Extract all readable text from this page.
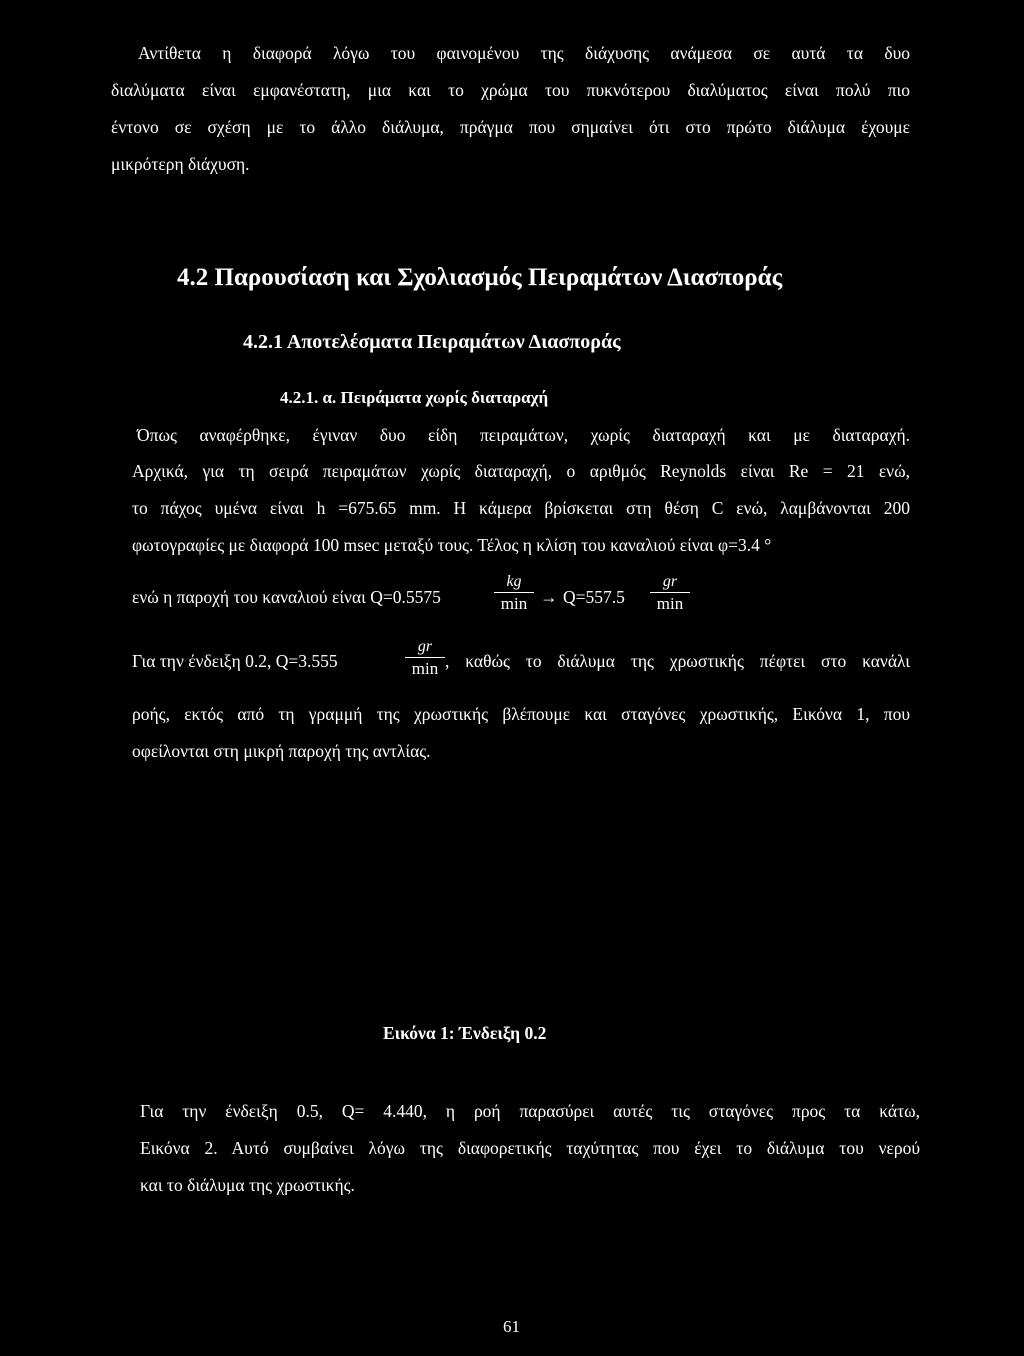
Αντίθετα η διαφορά λόγω του φαινομένου της διάχυσης ανάμεσα σε αυτά τα δυο
διαλύματα είναι εμφανέστατη, μια και το χρώμα του πυκνότερου διαλύματος είναι πολύ πιο
έντονο σε σχέση με το άλλο διάλυμα, πράγμα που σημαίνει ότι στο πρώτο διάλυμα έχουμε
μικρότερη διάχυση.
4.2 Παρουσίαση και Σχολιασμός Πειραμάτων Διασποράς
4.2.1 Αποτελέσματα Πειραμάτων Διασποράς
4.2.1. α. Πειράματα χωρίς διαταραχή
Όπως αναφέρθηκε, έγιναν δυο είδη πειραμάτων, χωρίς διαταραχή και με διαταραχή.
Αρχικά, για τη σειρά πειραμάτων χωρίς διαταραχή, ο αριθμός Reynolds είναι Re = 21 ενώ,
το πάχος υμένα είναι h =675.65 mm. Η κάμερα βρίσκεται στη θέση C ενώ, λαμβάνονται 200
φωτογραφίες με διαφορά 100 msec μεταξύ τους. Τέλος η κλίση του καναλιού είναι φ=3.4 °
ενώ η παροχή του καναλιού είναι Q=0.5575
kg
min → Q=557.5
gr
min
Για την ένδειξη 0.2, Q=3.555
gr
min , καθώς το διάλυμα της χρωστικής πέφτει στο κανάλι
ροής, εκτός από τη γραμμή της χρωστικής βλέπουμε και σταγόνες χρωστικής, Εικόνα 1, που
οφείλονται στη μικρή παροχή της αντλίας.
Εικόνα 1: Ένδειξη 0.2
Για την ένδειξη 0.5, Q= 4.440, η ροή παρασύρει αυτές τις σταγόνες προς τα κάτω,
Εικόνα 2. Αυτό συμβαίνει λόγω της διαφορετικής ταχύτητας που έχει το διάλυμα του νερού
και το διάλυμα της χρωστικής.
61
